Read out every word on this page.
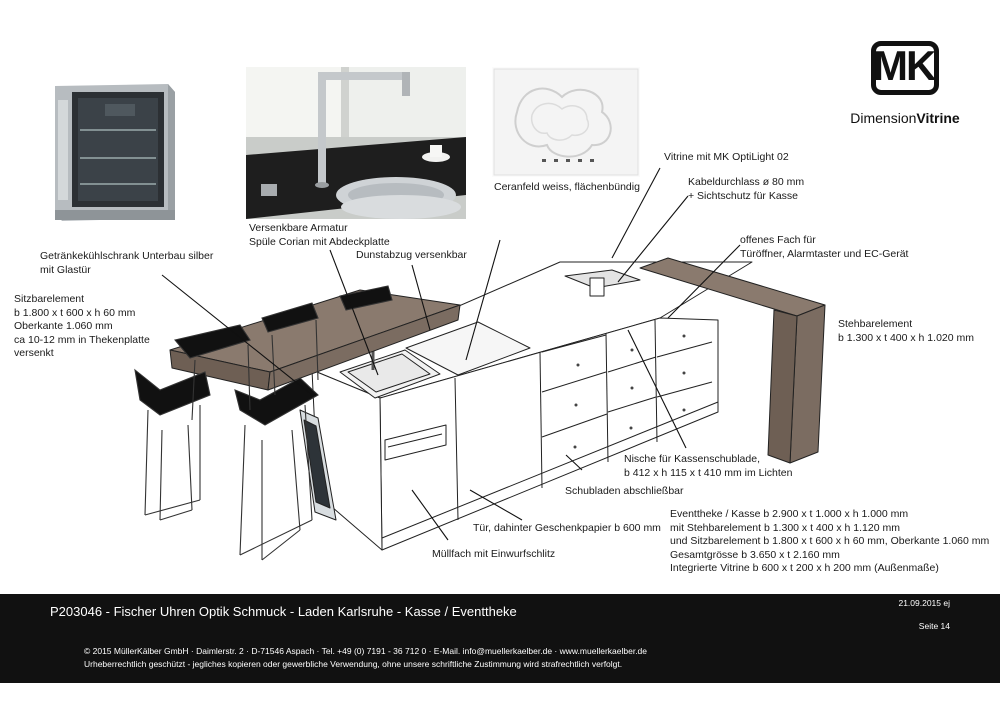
MK
DimensionVitrine
Getränkekühlschrank Unterbau silber
mit Glastür
Versenkbare Armatur
Spüle Corian mit Abdeckplatte
Dunstabzug versenkbar
Ceranfeld weiss, flächenbündig
Vitrine mit MK OptiLight 02
Kabeldurchlass ø 80 mm
+ Sichtschutz für Kasse
offenes Fach für
Türöffner, Alarmtaster und EC-Gerät
Sitzbarelement
b 1.800 x t 600 x h 60 mm
Oberkante 1.060 mm
ca 10-12 mm in Thekenplatte
versenkt
Stehbarelement
b 1.300 x t 400 x h 1.020 mm
Nische für Kassenschublade,
b 412 x h 115 x t 410 mm im Lichten
Schubladen abschließbar
Tür, dahinter Geschenkpapier b 600 mm
Müllfach mit Einwurfschlitz
Eventtheke / Kasse b 2.900 x t 1.000 x h 1.000 mm
mit Stehbarelement b 1.300 x t 400 x h 1.120 mm
und Sitzbarelement b 1.800 x t 600 x h 60 mm, Oberkante 1.060 mm
Gesamtgrösse b 3.650 x t 2.160 mm
Integrierte Vitrine b 600 x t 200 x h 200 mm (Außenmaße)
P203046 - Fischer Uhren Optik Schmuck - Laden Karlsruhe - Kasse / Eventtheke
21.09.2015 ej
Seite 14
© 2015 MüllerKälber GmbH · Daimlerstr. 2 · D-71546 Aspach · Tel. +49 (0) 7191 - 36 712 0 · E-Mail. info@muellerkaelber.de · www.muellerkaelber.de
Urheberrechtlich geschützt - jegliches kopieren oder gewerbliche Verwendung, ohne unsere schriftliche Zustimmung wird strafrechtlich verfolgt.
